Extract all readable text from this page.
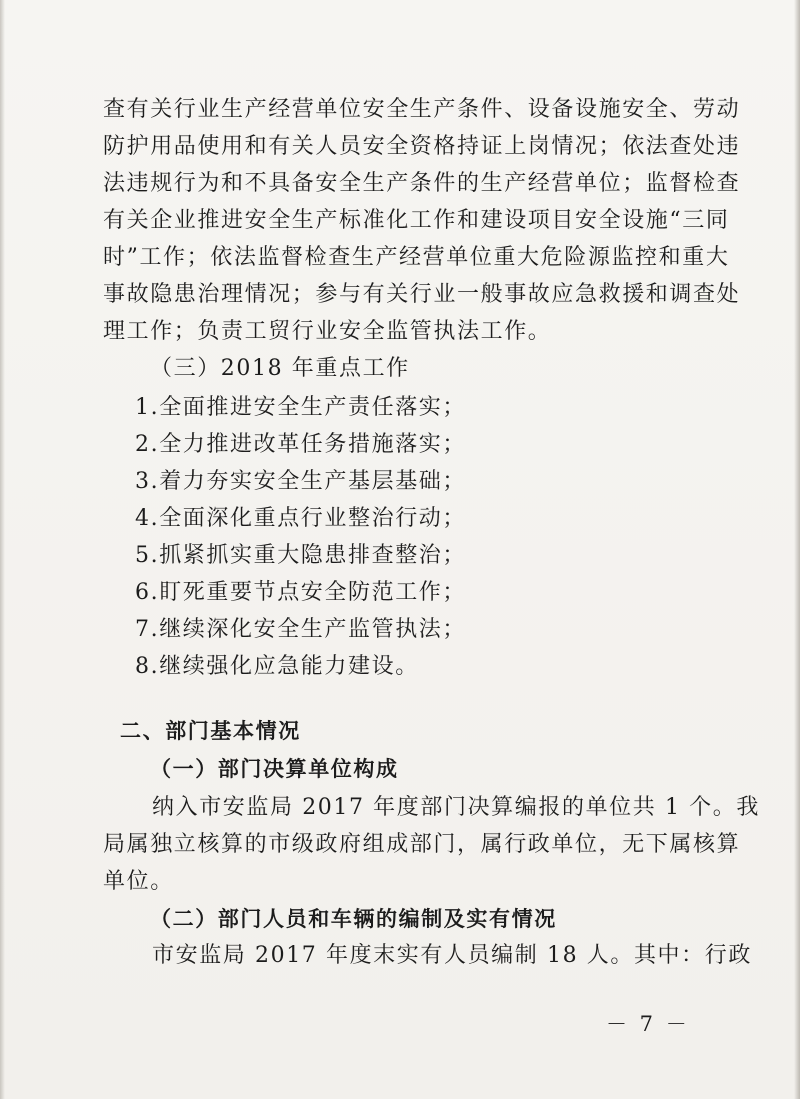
查有关行业生产经营单位安全生产条件、设备设施安全、劳动
防护用品使用和有关人员安全资格持证上岗情况；依法查处违
法违规行为和不具备安全生产条件的生产经营单位；监督检查
有关企业推进安全生产标准化工作和建设项目安全设施“三同
时”工作；依法监督检查生产经营单位重大危险源监控和重大
事故隐患治理情况；参与有关行业一般事故应急救援和调查处
理工作；负责工贸行业安全监管执法工作。
（三）2018 年重点工作
1.全面推进安全生产责任落实；
2.全力推进改革任务措施落实；
3.着力夯实安全生产基层基础；
4.全面深化重点行业整治行动；
5.抓紧抓实重大隐患排查整治；
6.盯死重要节点安全防范工作；
7.继续深化安全生产监管执法；
8.继续强化应急能力建设。
二、部门基本情况
（一）部门决算单位构成
纳入市安监局 2017 年度部门决算编报的单位共 1 个。我
局属独立核算的市级政府组成部门，属行政单位，无下属核算
单位。
（二）部门人员和车辆的编制及实有情况
市安监局 2017 年度末实有人员编制 18 人。其中：行政
－ 7 －
